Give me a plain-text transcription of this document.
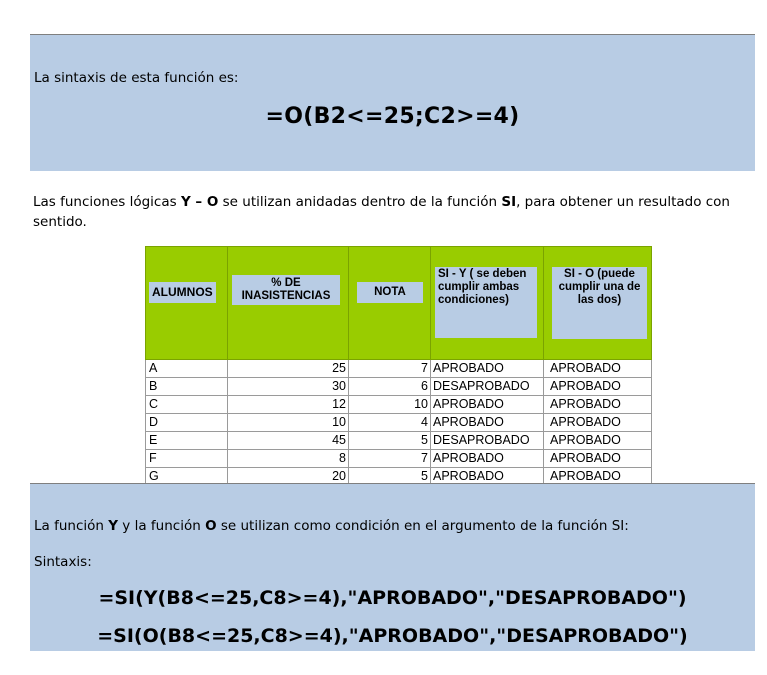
La sintaxis de esta función es:
=O(B2<=25;C2>=4)
Las funciones lógicas Y – O se utilizan anidadas dentro de la función SI, para obtener un resultado con sentido.
ALUMNOS	% DE INASISTENCIAS	NOTA	SI - Y ( se deben cumplir ambas condiciones)	SI - O (puede cumplir una de las dos)
A	25	7	APROBADO	APROBADO
B	30	6	DESAPROBADO	APROBADO
C	12	10	APROBADO	APROBADO
D	10	4	APROBADO	APROBADO
E	45	5	DESAPROBADO	APROBADO
F	8	7	APROBADO	APROBADO
G	20	5	APROBADO	APROBADO
La función Y y la función O se utilizan como condición en el argumento de la función SI:
Sintaxis:
=SI(Y(B8<=25,C8>=4),"APROBADO","DESAPROBADO")
=SI(O(B8<=25,C8>=4),"APROBADO","DESAPROBADO")
